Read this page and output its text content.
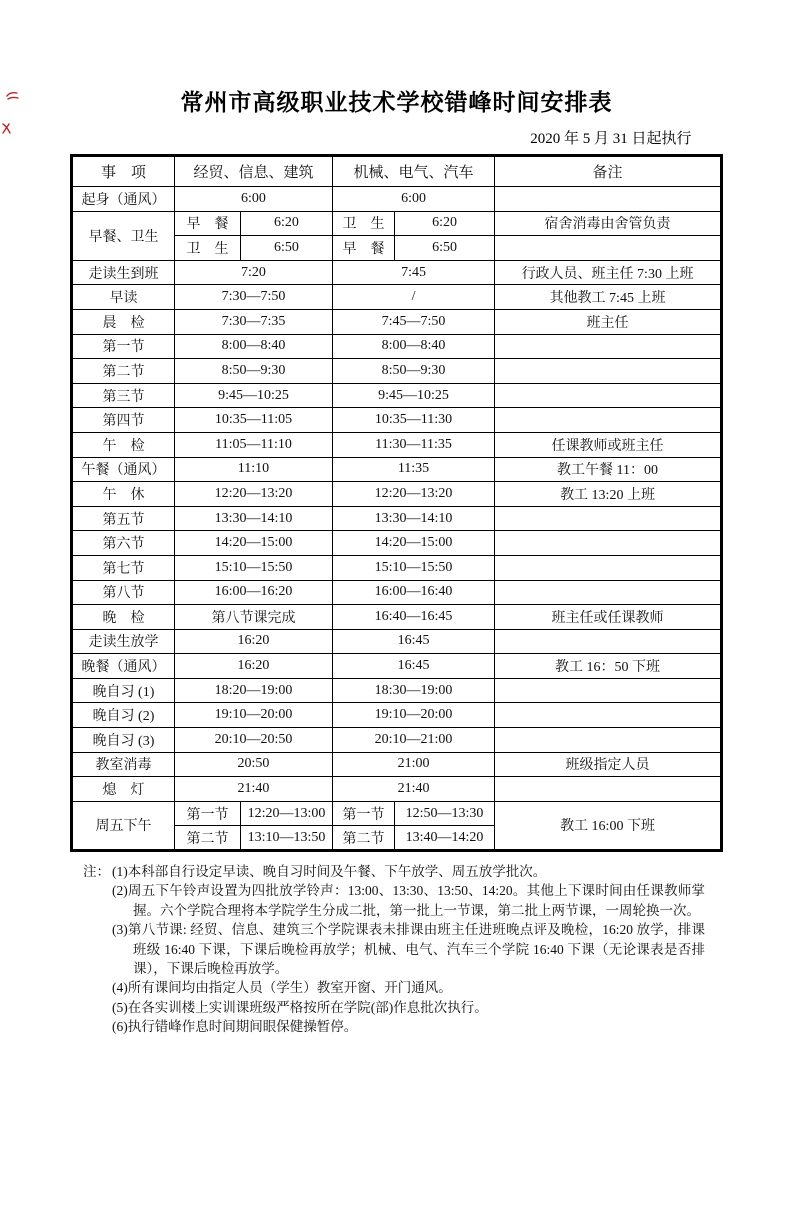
常州市高级职业技术学校错峰时间安排表
2020 年 5 月 31 日起执行
事　项	经贸、信息、建筑		机械、电气、汽车		备注
起身（通风）	6:00		6:00		
早餐、卫生	早　餐	6:20	卫　生	6:20	宿舍消毒由舍管负责
	卫　生	6:50	早　餐	6:50	
走读生到班	7:20		7:45		行政人员、班主任 7:30 上班
早读	7:30—7:50		/		其他教工 7:45 上班
晨　检	7:30—7:35		7:45—7:50		班主任
第一节	8:00—8:40		8:00—8:40		
第二节	8:50—9:30		8:50—9:30		
第三节	9:45—10:25		9:45—10:25		
第四节	10:35—11:05		10:35—11:30		
午　检	11:05—11:10		11:30—11:35		任课教师或班主任
午餐（通风）	11:10		11:35		教工午餐 11：00
午　休	12:20—13:20		12:20—13:20		教工 13:20 上班
第五节	13:30—14:10		13:30—14:10		
第六节	14:20—15:00		14:20—15:00		
第七节	15:10—15:50		15:10—15:50		
第八节	16:00—16:20		16:00—16:40		
晚　检	第八节课完成		16:40—16:45		班主任或任课教师
走读生放学	16:20		16:45		
晚餐（通风）	16:20		16:45		教工 16：50 下班
晚自习 (1)	18:20—19:00		18:30—19:00		
晚自习 (2)	19:10—20:00		19:10—20:00		
晚自习 (3)	20:10—20:50		20:10—21:00		
教室消毒	20:50		21:00		班级指定人员
熄　灯	21:40		21:40		
周五下午	第一节	12:20—13:00	第一节	12:50—13:30	教工 16:00 下班
	第二节	13:10—13:50	第二节	13:40—14:20	
注： (1)本科部自行设定早读、晚自习时间及午餐、下午放学、周五放学批次。
(2)周五下午铃声设置为四批放学铃声：13:00、13:30、13:50、14:20。其他上下课时间由任课教师掌握。六个学院合理将本学院学生分成二批，第一批上一节课，第二批上两节课，一周轮换一次。
(3)第八节课: 经贸、信息、建筑三个学院课表未排课由班主任进班晚点评及晚检，16:20 放学，排课班级 16:40 下课，下课后晚检再放学；机械、电气、汽车三个学院 16:40 下课（无论课表是否排课），下课后晚检再放学。
(4)所有课间均由指定人员（学生）教室开窗、开门通风。
(5)在各实训楼上实训课班级严格按所在学院(部)作息批次执行。
(6)执行错峰作息时间期间眼保健操暂停。
